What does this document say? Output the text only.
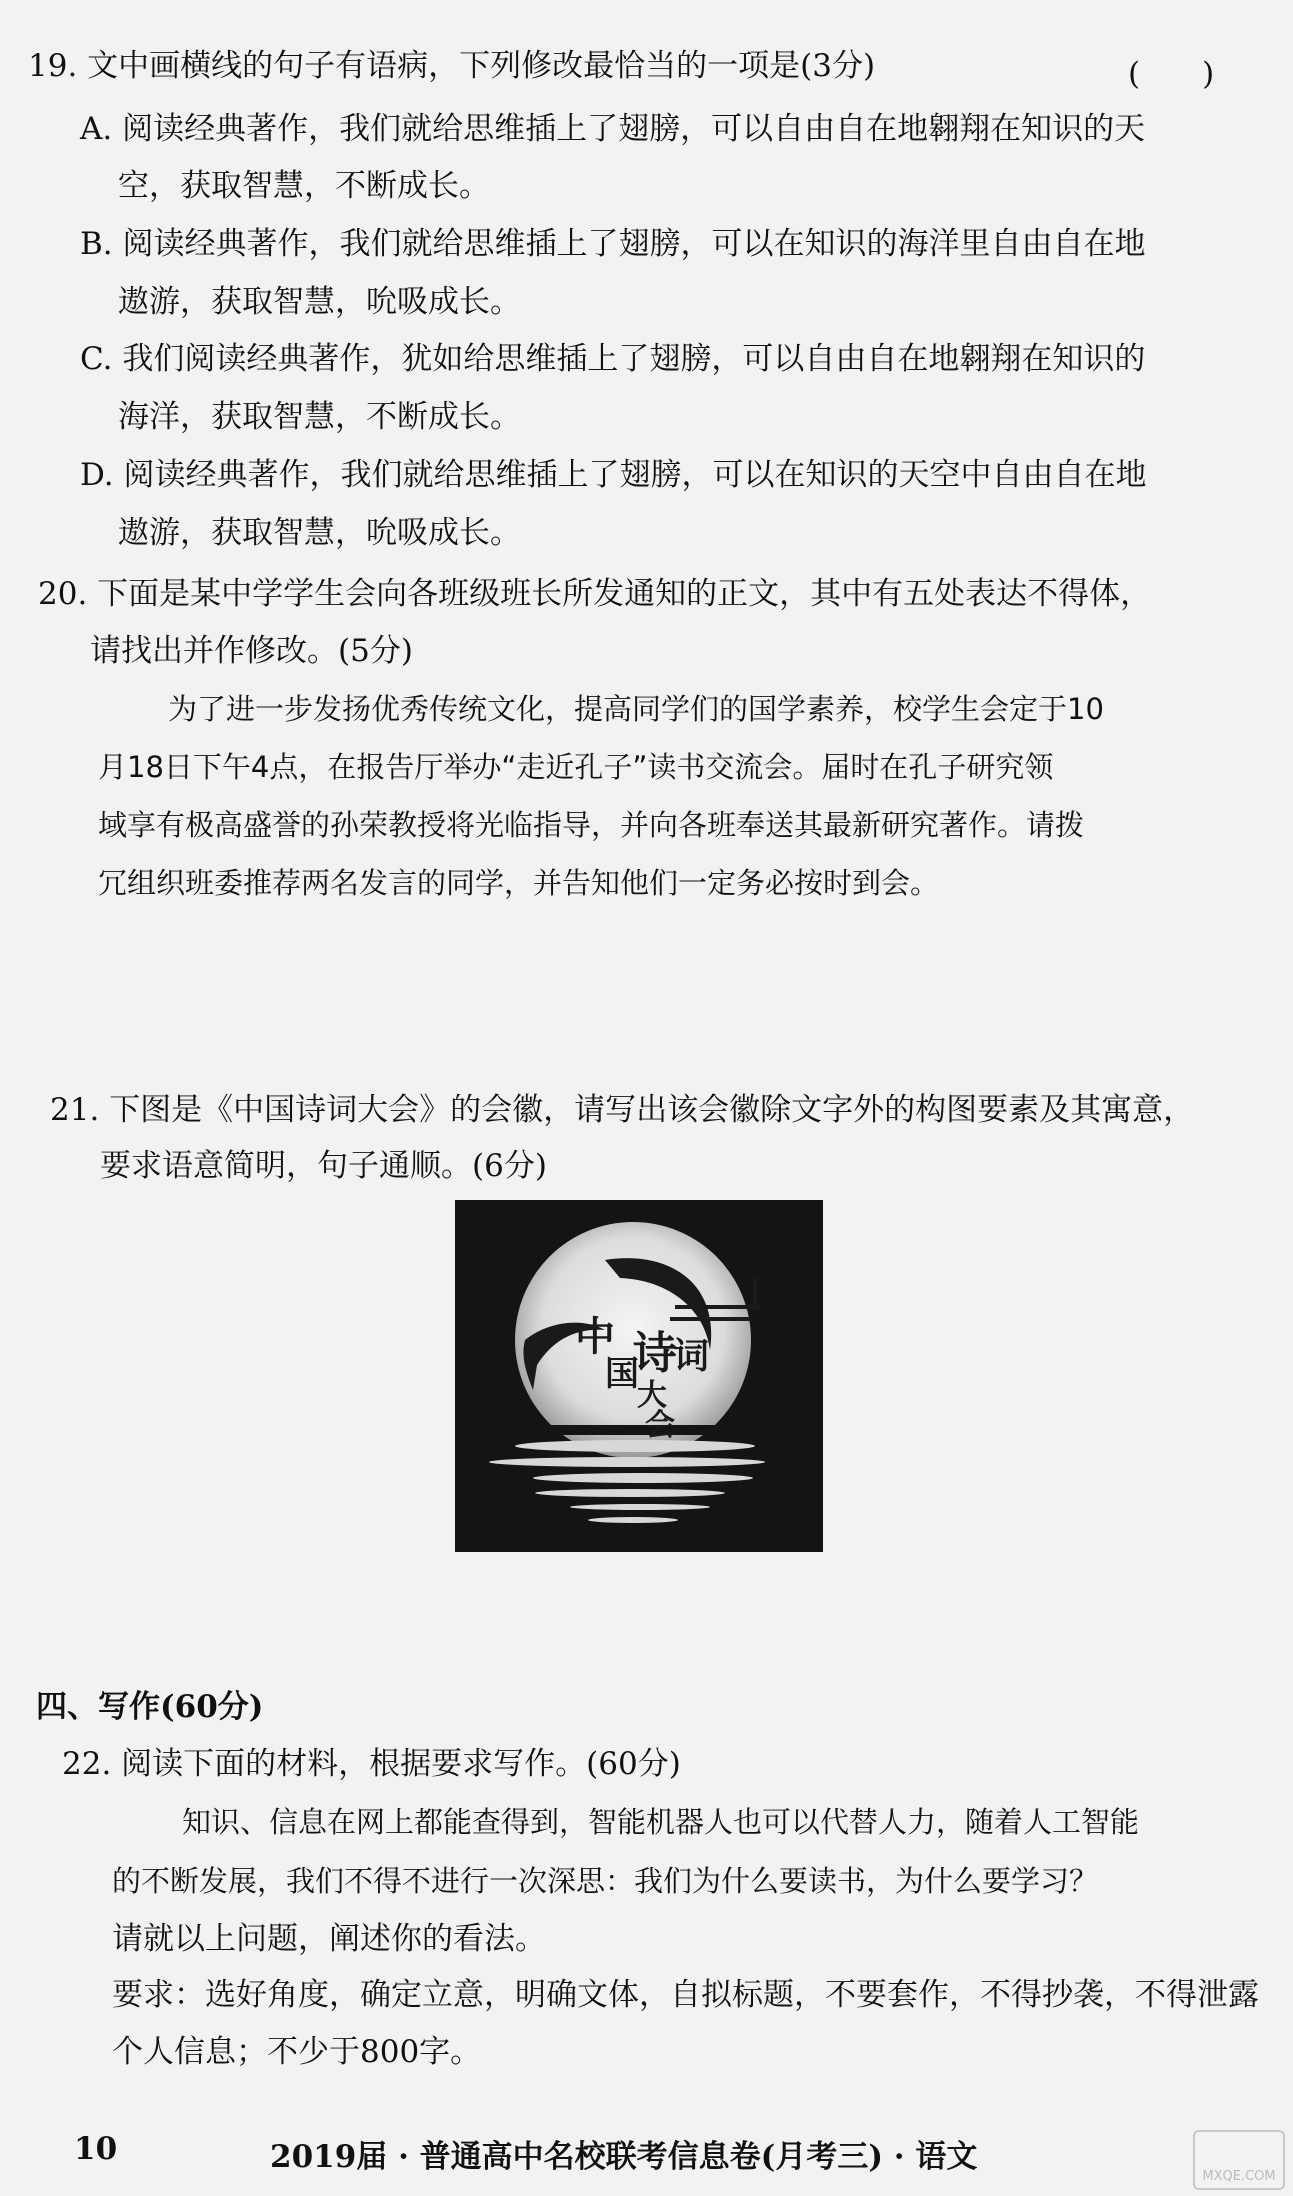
19. 文中画横线的句子有语病，下列修改最恰当的一项是(3分)	(　　)
A. 阅读经典著作，我们就给思维插上了翅膀，可以自由自在地翱翔在知识的天
空，获取智慧，不断成长。
B. 阅读经典著作，我们就给思维插上了翅膀，可以在知识的海洋里自由自在地
遨游，获取智慧，吮吸成长。
C. 我们阅读经典著作，犹如给思维插上了翅膀，可以自由自在地翱翔在知识的
海洋，获取智慧，不断成长。
D. 阅读经典著作，我们就给思维插上了翅膀，可以在知识的天空中自由自在地
遨游，获取智慧，吮吸成长。
20. 下面是某中学学生会向各班级班长所发通知的正文，其中有五处表达不得体，
请找出并作修改。(5分)
为了进一步发扬优秀传统文化，提高同学们的国学素养，校学生会定于10
月18日下午4点，在报告厅举办“走近孔子”读书交流会。届时在孔子研究领
域享有极高盛誉的孙荣教授将光临指导，并向各班奉送其最新研究著作。请拨
冗组织班委推荐两名发言的同学，并告知他们一定务必按时到会。
21. 下图是《中国诗词大会》的会徽，请写出该会徽除文字外的构图要素及其寓意，
要求语意简明，句子通顺。(6分)
中
国
诗
词
大
会
四、写作(60分)
22. 阅读下面的材料，根据要求写作。(60分)
知识、信息在网上都能查得到，智能机器人也可以代替人力，随着人工智能
的不断发展，我们不得不进行一次深思：我们为什么要读书，为什么要学习？
请就以上问题，阐述你的看法。
要求：选好角度，确定立意，明确文体，自拟标题，不要套作，不得抄袭，不得泄露
个人信息；不少于800字。
10	2019届 · 普通高中名校联考信息卷(月考三) · 语文
MXQE.COM
